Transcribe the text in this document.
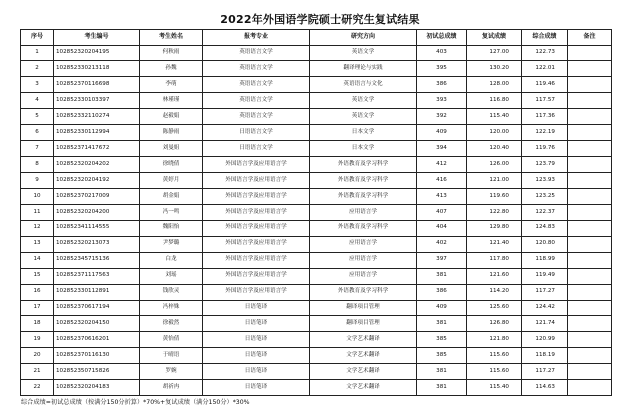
2022年外国语学院硕士研究生复试结果
序号	考生编号	考生姓名	报考专业	研究方向	初试总成绩	复试成绩	综合成绩	备注
1	102852320204195	何秋雨	英语语言文学	英语文学	403	127.00	122.73	
2	102852330213118	孙魏	英语语言文学	翻译理论与实践	395	130.20	122.01	
3	102852370116698	李萌	英语语言文学	英语语言与文化	386	128.00	119.46	
4	102852330103397	林瑾瑾	英语语言文学	英语文学	393	116.80	117.57	
5	102852332110274	赵毅娟	英语语言文学	英语文学	392	115.40	117.36	
6	102852330112994	陈静雨	日语语言文学	日本文学	409	120.00	122.19	
7	102852371417672	刘曼姐	日语语言文学	日本文学	394	120.40	119.76	
8	102852320204202	徐晓倩	外国语言学及应用语言学	外语教育及学习科学	412	126.00	123.79	
9	102852320204192	黄婷月	外国语言学及应用语言学	外语教育及学习科学	416	121.00	123.93	
10	102852370217009	胡金娟	外国语言学及应用语言学	外语教育及学习科学	413	119.60	123.25	
11	102852320204200	冯一鸣	外国语言学及应用语言学	应用语言学	407	122.80	122.37	
12	102852341114555	魏阳怡	外国语言学及应用语言学	外语教育及学习科学	404	129.80	124.83	
13	102852320213073	尹梦璐	外国语言学及应用语言学	应用语言学	402	121.40	120.80	
14	102852345715136	白龙	外国语言学及应用语言学	应用语言学	397	117.80	118.99	
15	102852371117563	刘瑶	外国语言学及应用语言学	应用语言学	381	121.60	119.49	
16	102852330112891	钱欣灵	外国语言学及应用语言学	外语教育及学习科学	386	114.20	117.27	
17	102852370617194	冯梓姝	日语笔译	翻译项目管理	409	125.60	124.42	
18	102852320204150	徐毅然	日语笔译	翻译项目管理	381	126.80	121.74	
19	102852370616201	黄怡倩	日语笔译	文学艺术翻译	385	121.80	120.99	
20	102852370116130	于晴语	日语笔译	文学艺术翻译	385	115.60	118.19	
21	102852350715826	罗婉	日语笔译	文学艺术翻译	381	115.60	117.27	
22	102852320204183	胡祈冉	日语笔译	文学艺术翻译	381	115.40	114.63	
综合成绩=初试总成绩（按满分150分折算）*70%+复试成绩（满分150分）*30%
